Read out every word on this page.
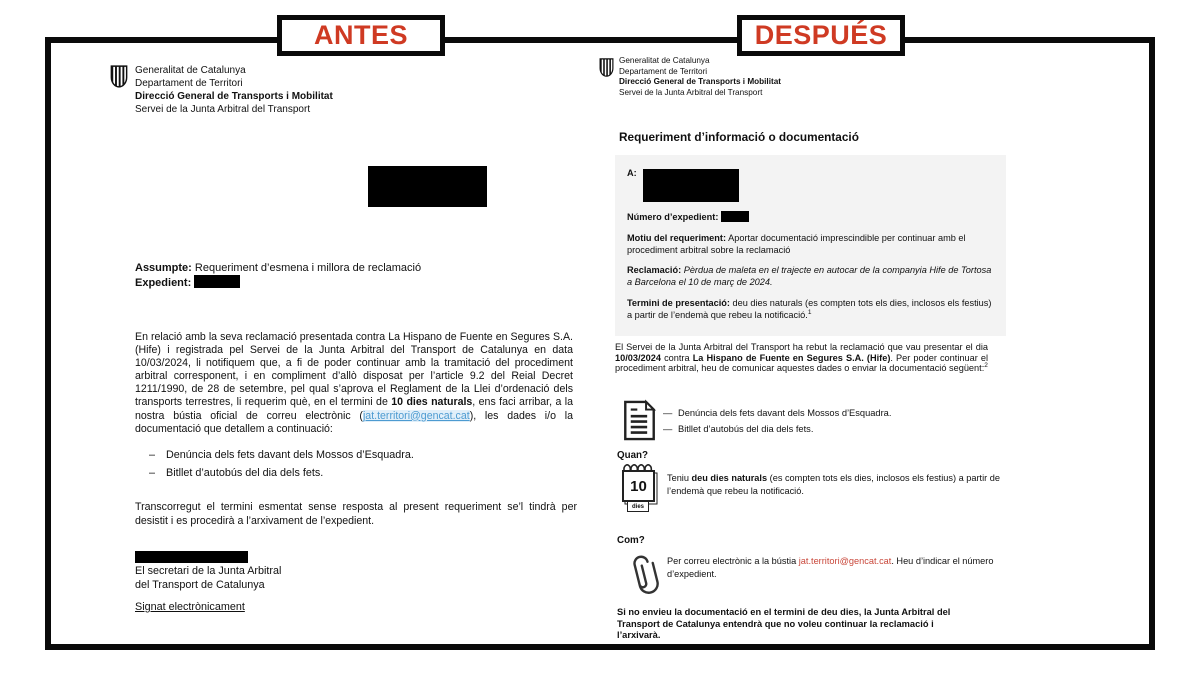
ANTES	DESPUÉS
Generalitat de Catalunya
Departament de Territori
Direcció General de Transports i Mobilitat
Servei de la Junta Arbitral del Transport
Assumpte: Requeriment d’esmena i millora de reclamació
Expedient:
En relació amb la seva reclamació presentada contra La Hispano de Fuente en Segures S.A. (Hife) i registrada pel Servei de la Junta Arbitral del Transport de Catalunya en data 10/03/2024, li notifiquem que, a fi de poder continuar amb la tramitació del procediment arbitral corresponent, i en compliment d’allò disposat per l’article 9.2 del Reial Decret 1211/1990, de 28 de setembre, pel qual s’aprova el Reglament de la Llei d’ordenació dels transports terrestres, li requerim què, en el termini de 10 dies naturals, ens faci arribar, a la nostra bústia oficial de correu electrònic (jat.territori@gencat.cat), les dades i/o la documentació que detallem a continuació:
–	Denúncia dels fets davant dels Mossos d’Esquadra.
–	Bitllet d’autobús del dia dels fets.
Transcorregut el termini esmentat sense resposta al present requeriment se’l tindrà per desistit i es procedirà a l’arxivament de l’expedient.
El secretari de la Junta Arbitral
del Transport de Catalunya
Signat electrònicament
Generalitat de Catalunya
Departament de Territori
Direcció General de Transports i Mobilitat
Servei de la Junta Arbitral del Transport
Requeriment d’informació o documentació
A:
Número d’expedient:
Motiu del requeriment: Aportar documentació imprescindible per continuar amb el procediment arbitral sobre la reclamació
Reclamació: Pèrdua de maleta en el trajecte en autocar de la companyia Hife de Tortosa a Barcelona el 10 de març de 2024.
Termini de presentació: deu dies naturals (es compten tots els dies, inclosos els festius) a partir de l’endemà que rebeu la notificació.$^1$
El Servei de la Junta Arbitral del Transport ha rebut la reclamació que vau presentar el dia 10/03/2024 contra La Hispano de Fuente en Segures S.A. (Hife). Per poder continuar el procediment arbitral, heu de comunicar aquestes dades o enviar la documentació següent:$^2$
— Denúncia dels fets davant dels Mossos d’Esquadra.
— Bitllet d’autobús del dia dels fets.
Quan?
10
dies
Teniu deu dies naturals (es compten tots els dies, inclosos els festius) a partir de l’endemà que rebeu la notificació.
Com?
Per correu electrònic a la bústia jat.territori@gencat.cat. Heu d’indicar el número d’expedient.
Si no envieu la documentació en el termini de deu dies, la Junta Arbitral del Transport de Catalunya entendrà que no voleu continuar la reclamació i l’arxivarà.
